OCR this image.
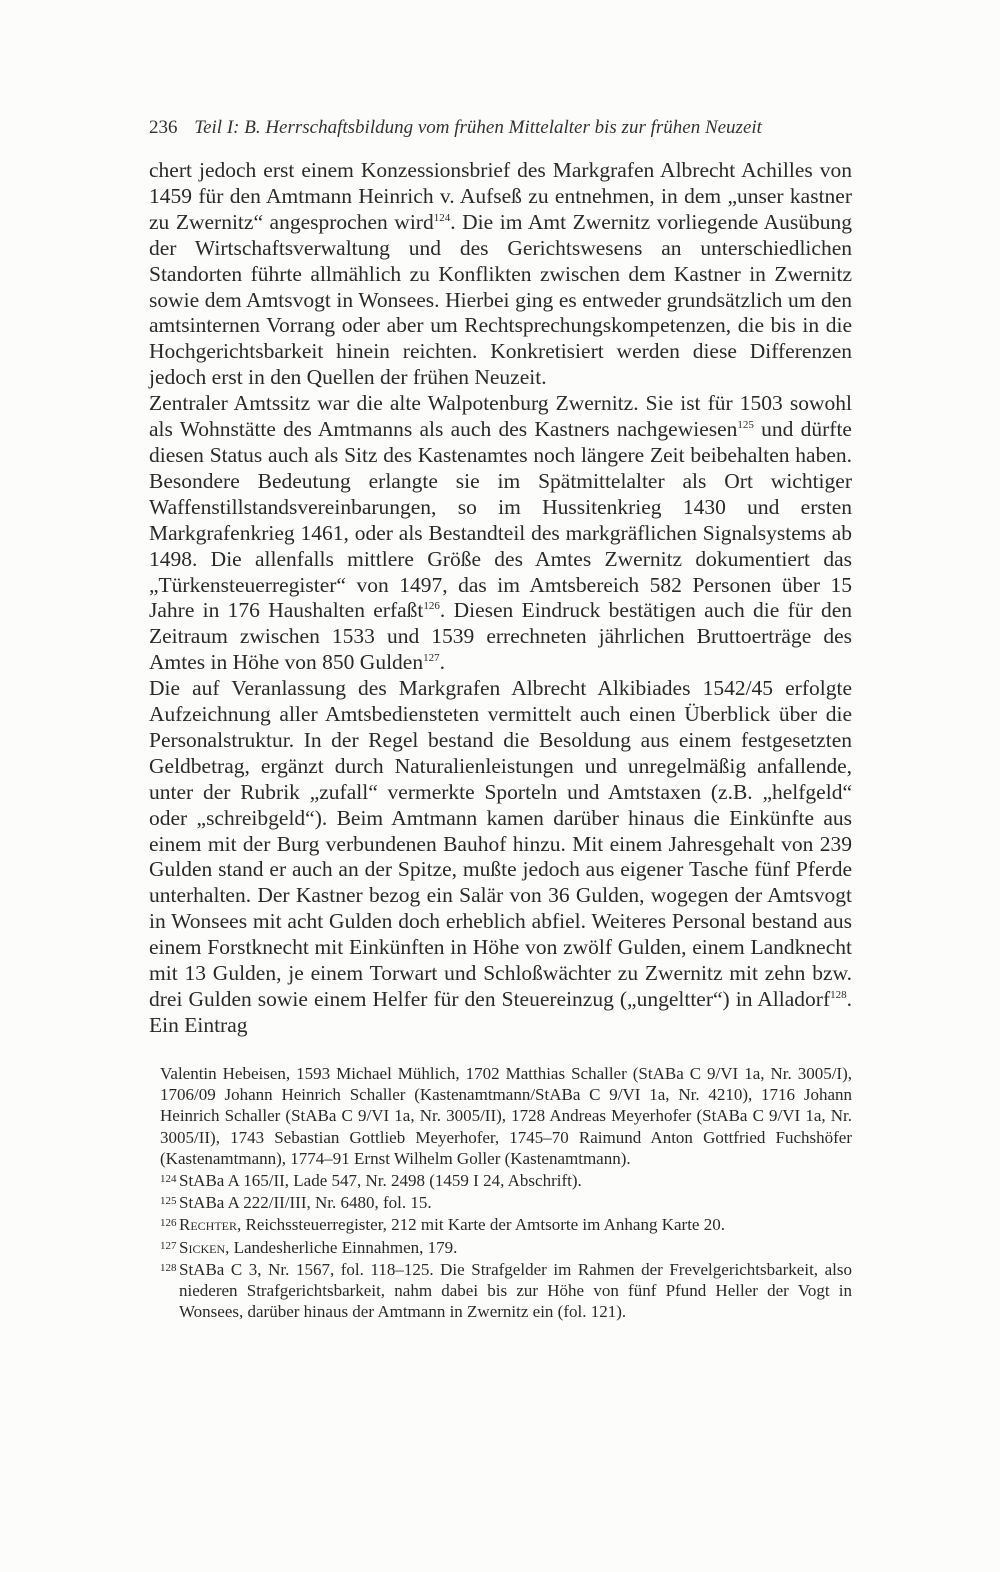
236 Teil I: B. Herrschaftsbildung vom frühen Mittelalter bis zur frühen Neuzeit

chert jedoch erst einem Konzessionsbrief des Markgrafen Albrecht Achilles von 1459 für den Amtmann Heinrich v. Aufseß zu entnehmen, in dem „unser kastner zu Zwernitz“ angesprochen wird$^{124}$. Die im Amt Zwernitz vorliegende Ausübung der Wirtschaftsverwaltung und des Gerichtswesens an unterschiedlichen Standorten führte allmählich zu Konflikten zwischen dem Kastner in Zwernitz sowie dem Amtsvogt in Wonsees. Hierbei ging es entweder grundsätzlich um den amtsinternen Vorrang oder aber um Rechtsprechungskompetenzen, die bis in die Hochgerichtsbarkeit hinein reichten. Konkretisiert werden diese Differenzen jedoch erst in den Quellen der frühen Neuzeit.

Zentraler Amtssitz war die alte Walpotenburg Zwernitz. Sie ist für 1503 sowohl als Wohnstätte des Amtmanns als auch des Kastners nachgewiesen$^{125}$ und dürfte diesen Status auch als Sitz des Kastenamtes noch längere Zeit beibehalten haben. Besondere Bedeutung erlangte sie im Spätmittelalter als Ort wichtiger Waffenstillstandsvereinbarungen, so im Hussitenkrieg 1430 und ersten Markgrafenkrieg 1461, oder als Bestandteil des markgräflichen Signalsystems ab 1498. Die allenfalls mittlere Größe des Amtes Zwernitz dokumentiert das „Türkensteuerregister“ von 1497, das im Amtsbereich 582 Personen über 15 Jahre in 176 Haushalten erfaßt$^{126}$. Diesen Eindruck bestätigen auch die für den Zeitraum zwischen 1533 und 1539 errechneten jährlichen Bruttoerträge des Amtes in Höhe von 850 Gulden$^{127}$.

Die auf Veranlassung des Markgrafen Albrecht Alkibiades 1542/45 erfolgte Aufzeichnung aller Amtsbediensteten vermittelt auch einen Überblick über die Personalstruktur. In der Regel bestand die Besoldung aus einem festgesetzten Geldbetrag, ergänzt durch Naturalienleistungen und unregelmäßig anfallende, unter der Rubrik „zufall“ vermerkte Sporteln und Amtstaxen (z.B. „helfgeld“ oder „schreibgeld“). Beim Amtmann kamen darüber hinaus die Einkünfte aus einem mit der Burg verbundenen Bauhof hinzu. Mit einem Jahresgehalt von 239 Gulden stand er auch an der Spitze, mußte jedoch aus eigener Tasche fünf Pferde unterhalten. Der Kastner bezog ein Salär von 36 Gulden, wogegen der Amtsvogt in Wonsees mit acht Gulden doch erheblich abfiel. Weiteres Personal bestand aus einem Forstknecht mit Einkünften in Höhe von zwölf Gulden, einem Landknecht mit 13 Gulden, je einem Torwart und Schloßwächter zu Zwernitz mit zehn bzw. drei Gulden sowie einem Helfer für den Steuereinzug („ungeltter“) in Alladorf$^{128}$. Ein Eintrag

Valentin Hebeisen, 1593 Michael Mühlich, 1702 Matthias Schaller (StABa C 9/VI 1a, Nr. 3005/I), 1706/09 Johann Heinrich Schaller (Kastenamtmann/StABa C 9/VI 1a, Nr. 4210), 1716 Johann Heinrich Schaller (StABa C 9/VI 1a, Nr. 3005/II), 1728 Andreas Meyerhofer (StABa C 9/VI 1a, Nr. 3005/II), 1743 Sebastian Gottlieb Meyerhofer, 1745–70 Raimund Anton Gottfried Fuchshöfer (Kastenamtmann), 1774–91 Ernst Wilhelm Goller (Kastenamtmann).

124 StABa A 165/II, Lade 547, Nr. 2498 (1459 I 24, Abschrift).

125 StABa A 222/II/III, Nr. 6480, fol. 15.

126 Rechter, Reichssteuerregister, 212 mit Karte der Amtsorte im Anhang Karte 20.

127 Sicken, Landesherliche Einnahmen, 179.

128 StABa C 3, Nr. 1567, fol. 118–125. Die Strafgelder im Rahmen der Frevelgerichtsbarkeit, also niederen Strafgerichtsbarkeit, nahm dabei bis zur Höhe von fünf Pfund Heller der Vogt in Wonsees, darüber hinaus der Amtmann in Zwernitz ein (fol. 121).
